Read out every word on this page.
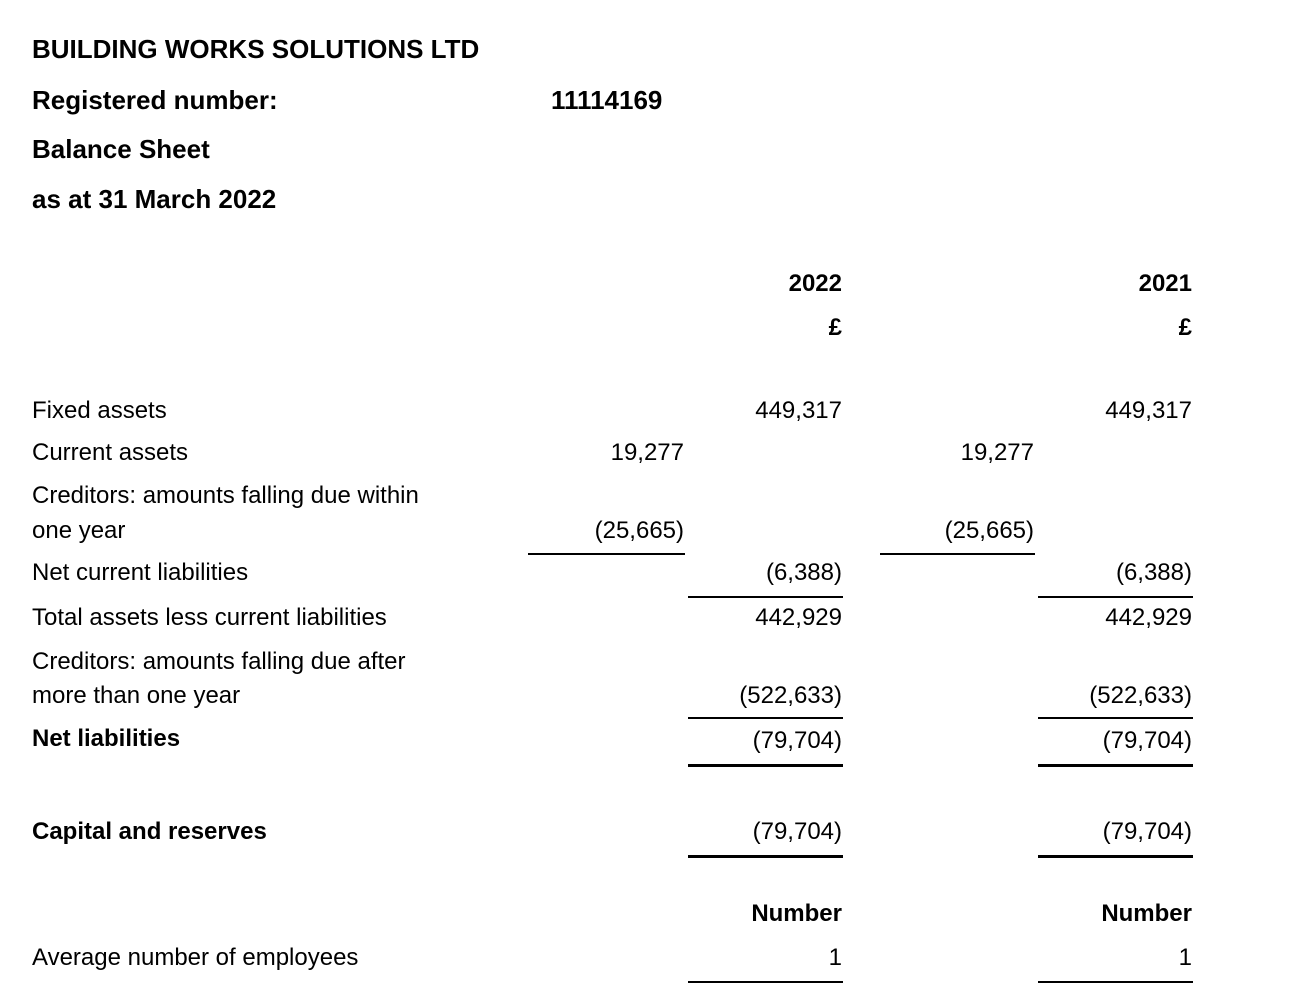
BUILDING WORKS SOLUTIONS LTD
Registered number:	11114169
Balance Sheet
as at 31 March 2022
2022	2021
£	£
Fixed assets	449,317	449,317
Current assets	19,277	19,277
Creditors: amounts falling due within
one year	(25,665)	(25,665)
Net current liabilities	(6,388)	(6,388)
Total assets less current liabilities	442,929	442,929
Creditors: amounts falling due after
more than one year	(522,633)	(522,633)
Net liabilities	(79,704)	(79,704)
Capital and reserves	(79,704)	(79,704)
Number	Number
Average number of employees	1	1
